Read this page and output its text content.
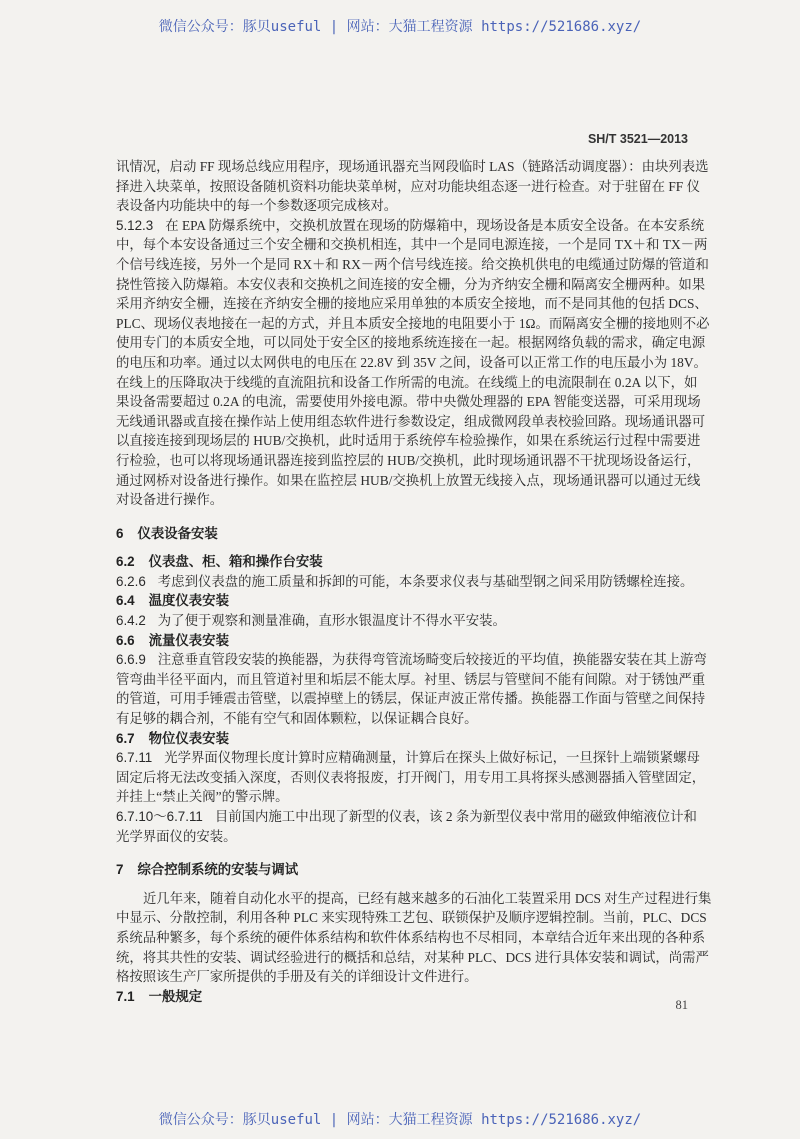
微信公众号：豚贝useful | 网站：大猫工程资源 https://521686.xyz/
SH/T 3521—2013
讯情况，启动 FF 现场总线应用程序，现场通讯器充当网段临时 LAS（链路活动调度器）：由块列表选
择进入块菜单，按照设备随机资料功能块菜单树，应对功能块组态逐一进行检查。对于驻留在 FF 仪
表设备内功能块中的每一个参数逐项完成核对。
5.12.3 在 EPA 防爆系统中，交换机放置在现场的防爆箱中，现场设备是本质安全设备。在本安系统
中，每个本安设备通过三个安全栅和交换机相连，其中一个是同电源连接，一个是同 TX＋和 TX－两
个信号线连接，另外一个是同 RX＋和 RX－两个信号线连接。给交换机供电的电缆通过防爆的管道和
挠性管接入防爆箱。本安仪表和交换机之间连接的安全栅，分为齐纳安全栅和隔离安全栅两种。如果
采用齐纳安全栅，连接在齐纳安全栅的接地应采用单独的本质安全接地，而不是同其他的包括 DCS、
PLC、现场仪表地接在一起的方式，并且本质安全接地的电阻要小于 1Ω。而隔离安全栅的接地则不必
使用专门的本质安全地，可以同处于安全区的接地系统连接在一起。根据网络负载的需求，确定电源
的电压和功率。通过以太网供电的电压在 22.8V 到 35V 之间，设备可以正常工作的电压最小为 18V。
在线上的压降取决于线缆的直流阻抗和设备工作所需的电流。在线缆上的电流限制在 0.2A 以下，如
果设备需要超过 0.2A 的电流，需要使用外接电源。带中央微处理器的 EPA 智能变送器，可采用现场
无线通讯器或直接在操作站上使用组态软件进行参数设定，组成微网段单表校验回路。现场通讯器可
以直接连接到现场层的 HUB/交换机，此时适用于系统停车检验操作，如果在系统运行过程中需要进
行检验，也可以将现场通讯器连接到监控层的 HUB/交换机，此时现场通讯器不干扰现场设备运行，
通过网桥对设备进行操作。如果在监控层 HUB/交换机上放置无线接入点，现场通讯器可以通过无线
对设备进行操作。
6 仪表设备安装
6.2 仪表盘、柜、箱和操作台安装
6.2.6 考虑到仪表盘的施工质量和拆卸的可能，本条要求仪表与基础型钢之间采用防锈螺栓连接。
6.4 温度仪表安装
6.4.2 为了便于观察和测量准确，直形水银温度计不得水平安装。
6.6 流量仪表安装
6.6.9 注意垂直管段安装的换能器，为获得弯管流场畸变后较接近的平均值，换能器安装在其上游弯
管弯曲半径平面内，而且管道衬里和垢层不能太厚。衬里、锈层与管壁间不能有间隙。对于锈蚀严重
的管道，可用手锤震击管壁，以震掉壁上的锈层，保证声波正常传播。换能器工作面与管壁之间保持
有足够的耦合剂，不能有空气和固体颗粒，以保证耦合良好。
6.7 物位仪表安装
6.7.11 光学界面仪物理长度计算时应精确测量，计算后在探头上做好标记，一旦探针上端锁紧螺母
固定后将无法改变插入深度，否则仪表将报废，打开阀门，用专用工具将探头感测器插入管壁固定，
并挂上“禁止关阀”的警示牌。
6.7.10～6.7.11 目前国内施工中出现了新型的仪表，该 2 条为新型仪表中常用的磁致伸缩液位计和
光学界面仪的安装。
7 综合控制系统的安装与调试
近几年来，随着自动化水平的提高，已经有越来越多的石油化工装置采用 DCS 对生产过程进行集
中显示、分散控制，利用各种 PLC 来实现特殊工艺包、联锁保护及顺序逻辑控制。当前，PLC、DCS
系统品种繁多，每个系统的硬件体系结构和软件体系结构也不尽相同，本章结合近年来出现的各种系
统，将其共性的安装、调试经验进行的概括和总结，对某种 PLC、DCS 进行具体安装和调试，尚需严
格按照该生产厂家所提供的手册及有关的详细设计文件进行。
7.1 一般规定
81
微信公众号：豚贝useful | 网站：大猫工程资源 https://521686.xyz/
